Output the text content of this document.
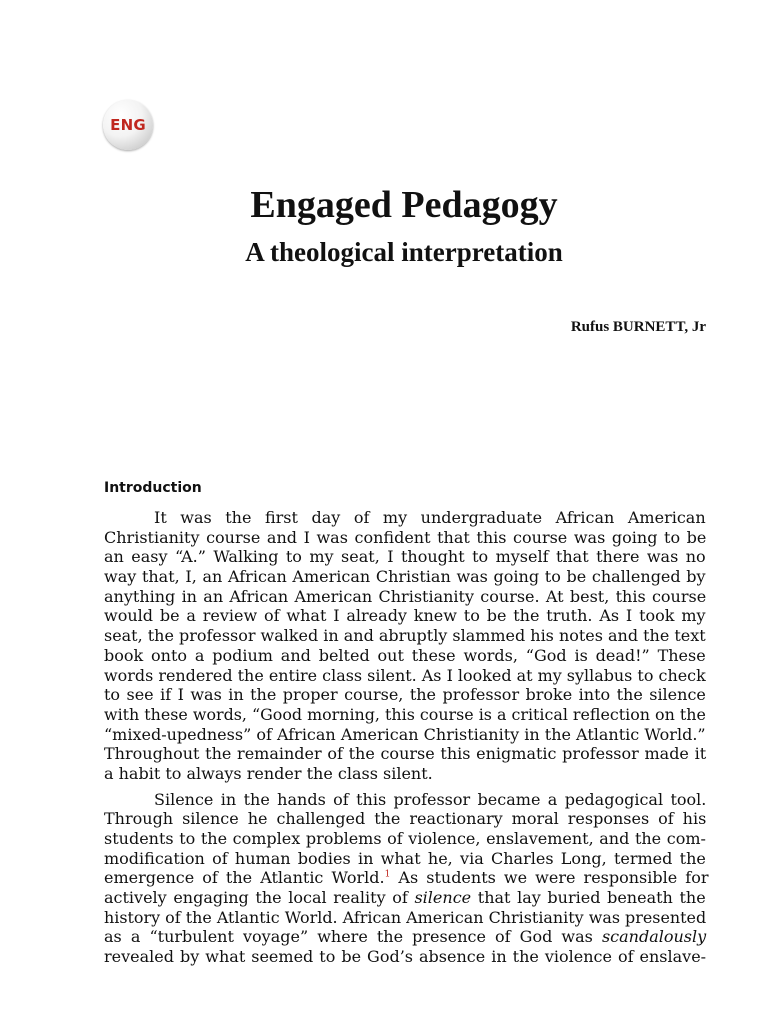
ENG
Engaged Pedagogy
A theological interpretation
Rufus BURNETT, Jr
Introduction
It was the first day of my undergraduate African American
Christianity course and I was confident that this course was going to be
an easy “A.” Walking to my seat, I thought to myself that there was no
way that, I, an African American Christian was going to be challenged by
anything in an African American Christianity course. At best, this course
would be a review of what I already knew to be the truth. As I took my
seat, the professor walked in and abruptly slammed his notes and the text
book onto a podium and belted out these words, “God is dead!” These
words rendered the entire class silent. As I looked at my syllabus to check
to see if I was in the proper course, the professor broke into the silence
with these words, “Good morning, this course is a critical reflection on the
“mixed-upedness” of African American Christianity in the Atlantic World.”
Throughout the remainder of the course this enigmatic professor made it
a habit to always render the class silent.
Silence in the hands of this professor became a pedagogical tool.
Through silence he challenged the reactionary moral responses of his
students to the complex problems of violence, enslavement, and the com-
modification of human bodies in what he, via Charles Long, termed the
emergence of the Atlantic World.$^1$ As students we were responsible for
actively engaging the local reality of silence that lay buried beneath the
history of the Atlantic World. African American Christianity was presented
as a “turbulent voyage” where the presence of God was scandalously
revealed by what seemed to be God’s absence in the violence of enslave-
